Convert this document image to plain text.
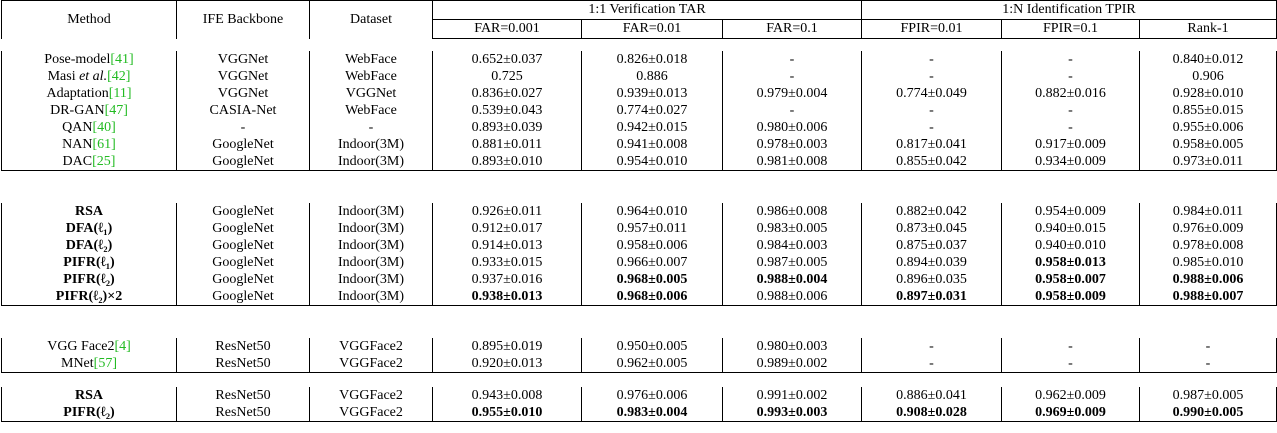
Method	IFE Backbone	Dataset	1:1 Verification TAR			1:N Identification TPIR		
			FAR=0.001	FAR=0.01	FAR=0.1	FPIR=0.01	FPIR=0.1	Rank-1
Pose-model[41]	VGGNet	WebFace	0.652±0.037	0.826±0.018	-	-	-	0.840±0.012
Masi et al.[42]	VGGNet	WebFace	0.725	0.886	-	-	-	0.906
Adaptation[11]	VGGNet	VGGNet	0.836±0.027	0.939±0.013	0.979±0.004	0.774±0.049	0.882±0.016	0.928±0.010
DR-GAN[47]	CASIA-Net	WebFace	0.539±0.043	0.774±0.027	-	-	-	0.855±0.015
QAN[40]	-	-	0.893±0.039	0.942±0.015	0.980±0.006	-	-	0.955±0.006
NAN[61]	GoogleNet	Indoor(3M)	0.881±0.011	0.941±0.008	0.978±0.003	0.817±0.041	0.917±0.009	0.958±0.005
DAC[25]	GoogleNet	Indoor(3M)	0.893±0.010	0.954±0.010	0.981±0.008	0.855±0.042	0.934±0.009	0.973±0.011
RSA	GoogleNet	Indoor(3M)	0.926±0.011	0.964±0.010	0.986±0.008	0.882±0.042	0.954±0.009	0.984±0.011
DFA(ℓ₁)	GoogleNet	Indoor(3M)	0.912±0.017	0.957±0.011	0.983±0.005	0.873±0.045	0.940±0.015	0.976±0.009
DFA(ℓ₂)	GoogleNet	Indoor(3M)	0.914±0.013	0.958±0.006	0.984±0.003	0.875±0.037	0.940±0.010	0.978±0.008
PIFR(ℓ₁)	GoogleNet	Indoor(3M)	0.933±0.015	0.966±0.007	0.987±0.005	0.894±0.039	0.958±0.013	0.985±0.010
PIFR(ℓ₂)	GoogleNet	Indoor(3M)	0.937±0.016	0.968±0.005	0.988±0.004	0.896±0.035	0.958±0.007	0.988±0.006
PIFR(ℓ₂)×2	GoogleNet	Indoor(3M)	0.938±0.013	0.968±0.006	0.988±0.006	0.897±0.031	0.958±0.009	0.988±0.007
VGG Face2[4]	ResNet50	VGGFace2	0.895±0.019	0.950±0.005	0.980±0.003	-	-	-
MNet[57]	ResNet50	VGGFace2	0.920±0.013	0.962±0.005	0.989±0.002	-	-	-
RSA	ResNet50	VGGFace2	0.943±0.008	0.976±0.006	0.991±0.002	0.886±0.041	0.962±0.009	0.987±0.005
PIFR(ℓ₂)	ResNet50	VGGFace2	0.955±0.010	0.983±0.004	0.993±0.003	0.908±0.028	0.969±0.009	0.990±0.005
